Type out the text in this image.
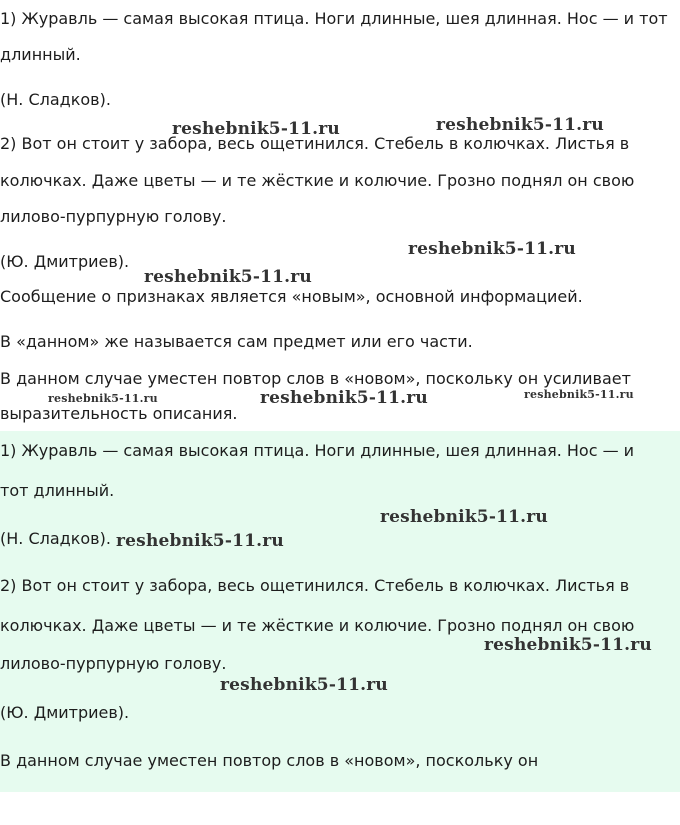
1) Журавль — самая высокая птица. Ноги длинные, шея длинная. Нос — и тот
длинный.
(Н. Сладков).
2) Вот он стоит у забора, весь ощетинился. Стебель в колючках. Листья в
колючках. Даже цветы — и те жёсткие и колючие. Грозно поднял он свою
лилово-пурпурную голову.
(Ю. Дмитриев).
Сообщение о признаках является «новым», основной информацией.
В «данном» же называется сам предмет или его части.
В данном случае уместен повтор слов в «новом», поскольку он усиливает
выразительность описания.
1) Журавль — самая высокая птица. Ноги длинные, шея длинная. Нос — и
тот длинный.
(Н. Сладков).
2) Вот он стоит у забора, весь ощетинился. Стебель в колючках. Листья в
колючках. Даже цветы — и те жёсткие и колючие. Грозно поднял он свою
лилово-пурпурную голову.
(Ю. Дмитриев).
В данном случае уместен повтор слов в «новом», поскольку он
reshebnik5-11.ru	reshebnik5-11.ru
reshebnik5-11.ru
reshebnik5-11.ru
reshebnik5-11.ru	reshebnik5-11.ru	reshebnik5-11.ru
reshebnik5-11.ru
reshebnik5-11.ru
reshebnik5-11.ru
reshebnik5-11.ru
